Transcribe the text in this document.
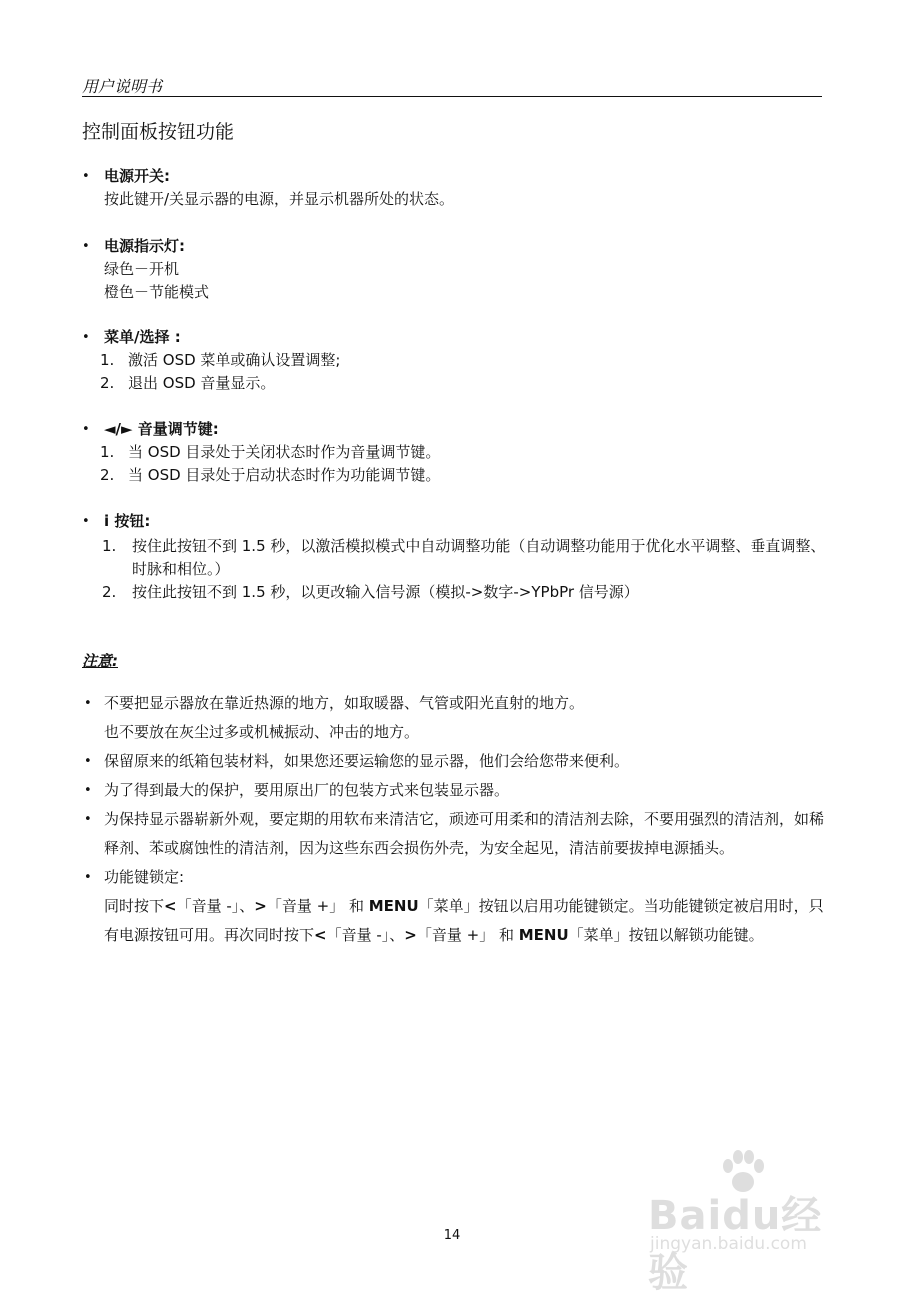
用户说明书
控制面板按钮功能
• 电源开关:
按此键开/关显示器的电源，并显示机器所处的状态。
• 电源指示灯:
绿色－开机
橙色－节能模式
• 菜单/选择 :
1. 激活 OSD 菜单或确认设置调整;
2. 退出 OSD 音量显示。
• ◄/► 音量调节键:
1. 当 OSD 目录处于关闭状态时作为音量调节键。
2. 当 OSD 目录处于启动状态时作为功能调节键。
• i 按钮:
1. 按住此按钮不到 1.5 秒，以激活模拟模式中自动调整功能（自动调整功能用于优化水平调整、垂直调整、时脉和相位。）
2. 按住此按钮不到 1.5 秒，以更改输入信号源（模拟->数字->YPbPr 信号源）
注意:
• 不要把显示器放在靠近热源的地方，如取暖器、气管或阳光直射的地方。
也不要放在灰尘过多或机械振动、冲击的地方。
• 保留原来的纸箱包装材料，如果您还要运输您的显示器，他们会给您带来便利。
• 为了得到最大的保护，要用原出厂的包装方式来包装显示器。
• 为保持显示器崭新外观，要定期的用软布来清洁它，顽迹可用柔和的清洁剂去除，不要用强烈的清洁剂，如稀释剂、苯或腐蚀性的清洁剂，因为这些东西会损伤外壳，为安全起见，清洁前要拔掉电源插头。
• 功能键锁定:
同时按下<「音量 -」、>「音量 +」 和 MENU「菜单」按钮以启用功能键锁定。当功能键锁定被启用时，只有电源按钮可用。再次同时按下<「音量 -」、>「音量 +」 和 MENU「菜单」按钮以解锁功能键。
Baidu经验
jingyan.baidu.com
14
